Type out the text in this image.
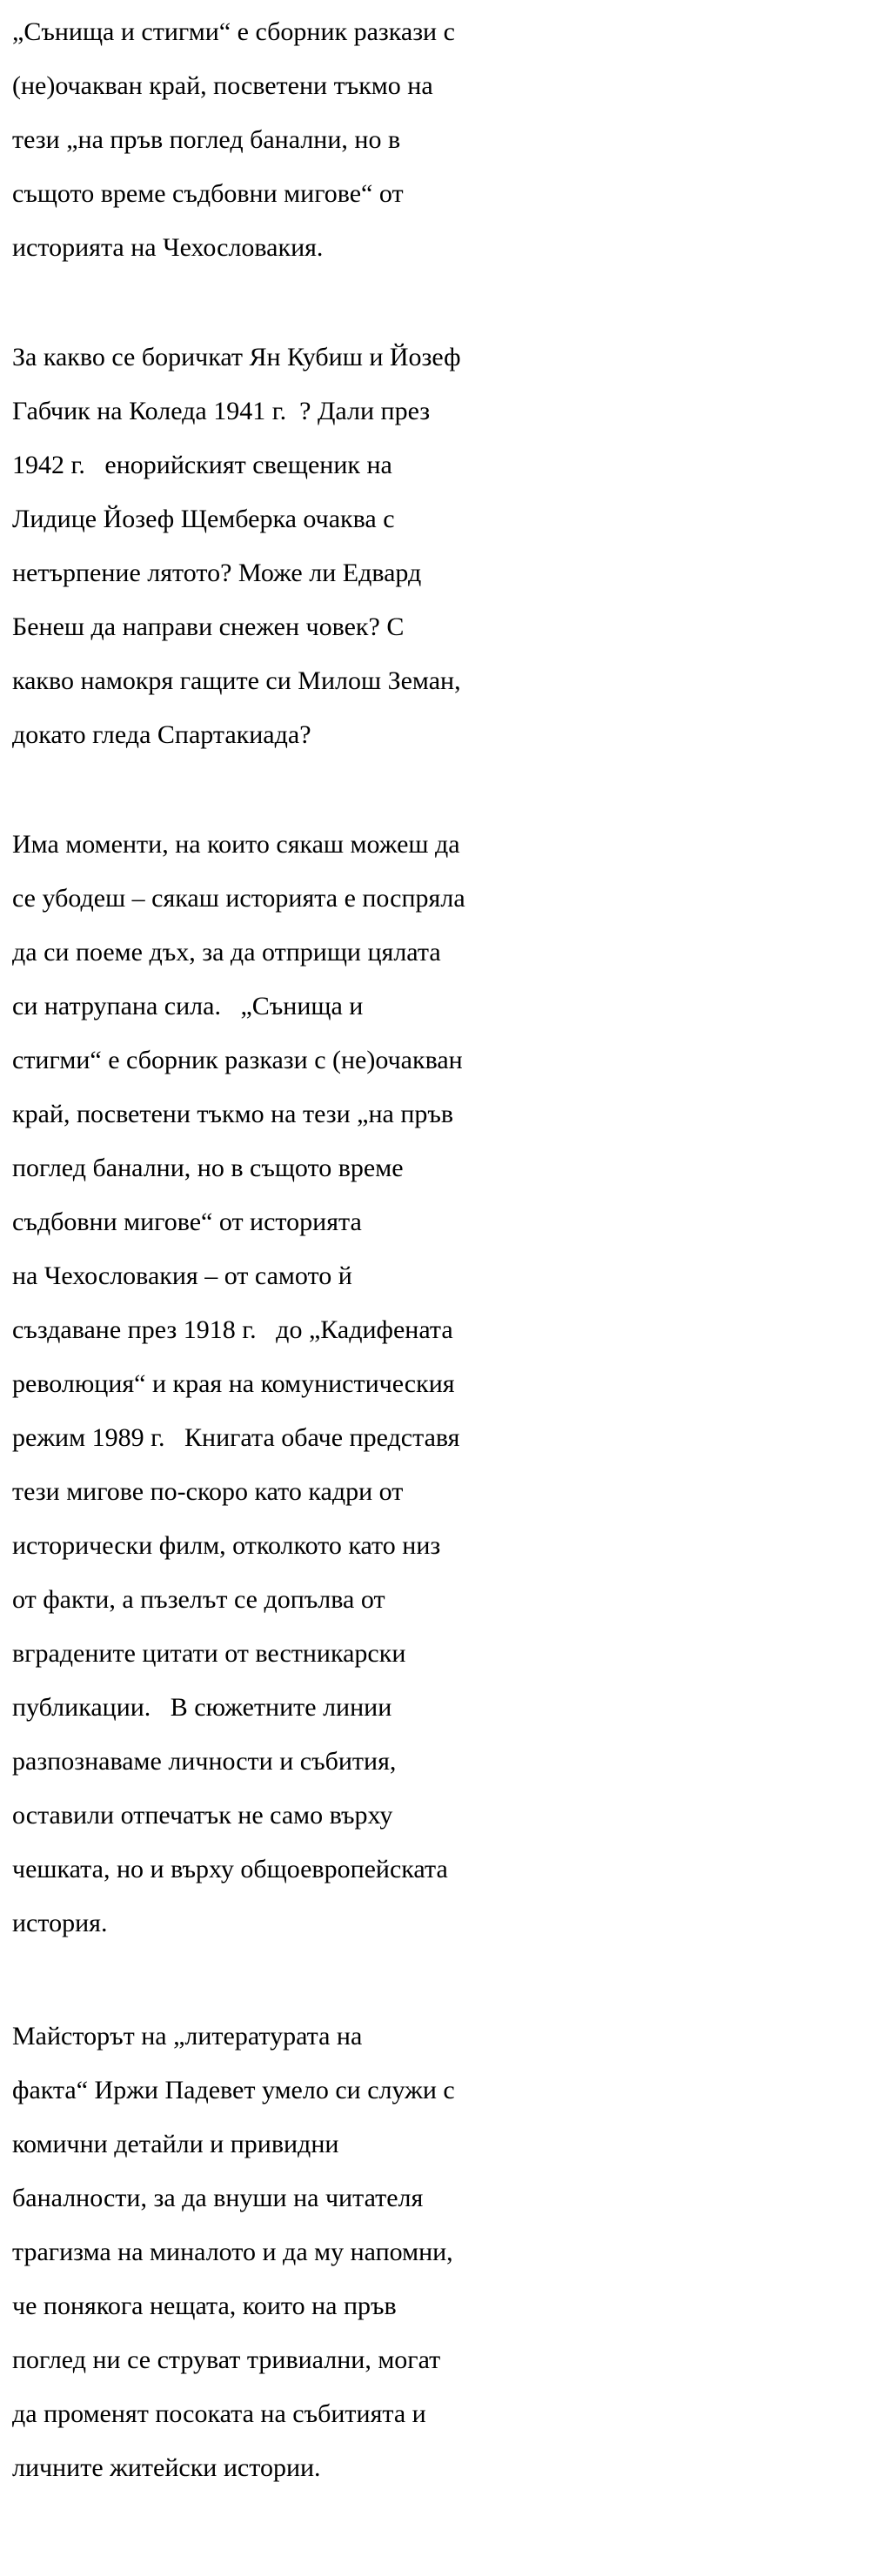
„Сънища и стигми“ е сборник разкази с
(не)очакван край, посветени тъкмо на
тези „на пръв поглед банални, но в
същото време съдбовни мигове“ от
историята на Чехословакия.

За какво се боричкат Ян Кубиш и Йозеф
Габчик на Коледа 1941 г.  ? Дали през
1942 г.   енорийският свещеник на
Лидице Йозеф Щемберка очаква с
нетърпение лятото? Може ли Едвард
Бенеш да направи снежен човек? С
какво намокря гащите си Милош Земан,
докато гледа Спартакиада?

Има моменти, на които сякаш можеш да
се убодеш – сякаш историята е поспряла
да си поеме дъх, за да отприщи цялата
си натрупана сила.   „Сънища и
стигми“ е сборник разкази с (не)очакван
край, посветени тъкмо на тези „на пръв
поглед банални, но в същото време
съдбовни мигове“ от историята
на Чехословакия – от самото й
създаване през 1918 г.   до „Кадифената
революция“ и края на комунистическия
режим 1989 г.   Книгата обаче представя
тези мигове по-скоро като кадри от
исторически филм, отколкото като низ
от факти, а пъзелът се допълва от
вградените цитати от вестникарски
публикации.   В сюжетните линии
разпознаваме личности и събития,
оставили отпечатък не само върху
чешката, но и върху общоевропейската
история.

Майсторът на „литературата на
факта“ Иржи Падевет умело си служи с
комични детайли и привидни
баналности, за да внуши на читателя
трагизма на миналото и да му напомни,
че понякога нещата, които на пръв
поглед ни се струват тривиални, могат
да променят посоката на събитията и
личните житейски истории.
